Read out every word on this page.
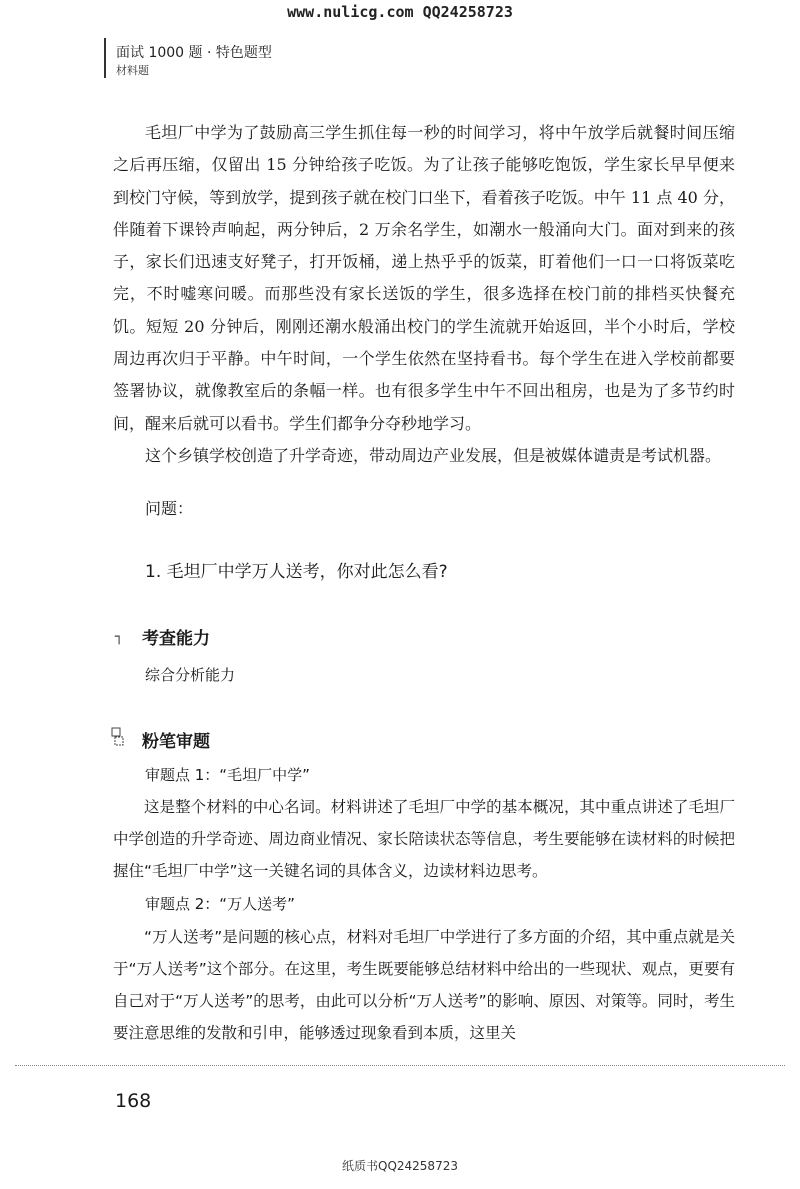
www.nulicg.com QQ24258723
面试 1000 题 · 特色题型
材料题

毛坦厂中学为了鼓励高三学生抓住每一秒的时间学习，将中午放学后就餐时间压缩之后再压缩，仅留出 15 分钟给孩子吃饭。为了让孩子能够吃饱饭，学生家长早早便来到校门守候，等到放学，提到孩子就在校门口坐下，看着孩子吃饭。中午 11 点 40 分，伴随着下课铃声响起，两分钟后，2 万余名学生，如潮水一般涌向大门。面对到来的孩子，家长们迅速支好凳子，打开饭桶，递上热乎乎的饭菜，盯着他们一口一口将饭菜吃完，不时嘘寒问暖。而那些没有家长送饭的学生，很多选择在校门前的排档买快餐充饥。短短 20 分钟后，刚刚还潮水般涌出校门的学生流就开始返回，半个小时后，学校周边再次归于平静。中午时间，一个学生依然在坚持看书。每个学生在进入学校前都要签署协议，就像教室后的条幅一样。也有很多学生中午不回出租房，也是为了多节约时间，醒来后就可以看书。学生们都争分夺秒地学习。

这个乡镇学校创造了升学奇迹，带动周边产业发展，但是被媒体谴责是考试机器。

问题：
1. 毛坦厂中学万人送考，你对此怎么看?
┐ 考查能力
综合分析能力
粉笔审题
审题点 1：“毛坦厂中学”

这是整个材料的中心名词。材料讲述了毛坦厂中学的基本概况，其中重点讲述了毛坦厂中学创造的升学奇迹、周边商业情况、家长陪读状态等信息，考生要能够在读材料的时候把握住“毛坦厂中学”这一关键名词的具体含义，边读材料边思考。

审题点 2：“万人送考”

“万人送考”是问题的核心点，材料对毛坦厂中学进行了多方面的介绍，其中重点就是关于“万人送考”这个部分。在这里，考生既要能够总结材料中给出的一些现状、观点，更要有自己对于“万人送考”的思考，由此可以分析“万人送考”的影响、原因、对策等。同时，考生要注意思维的发散和引申，能够透过现象看到本质，这里关

168
纸质书QQ24258723
